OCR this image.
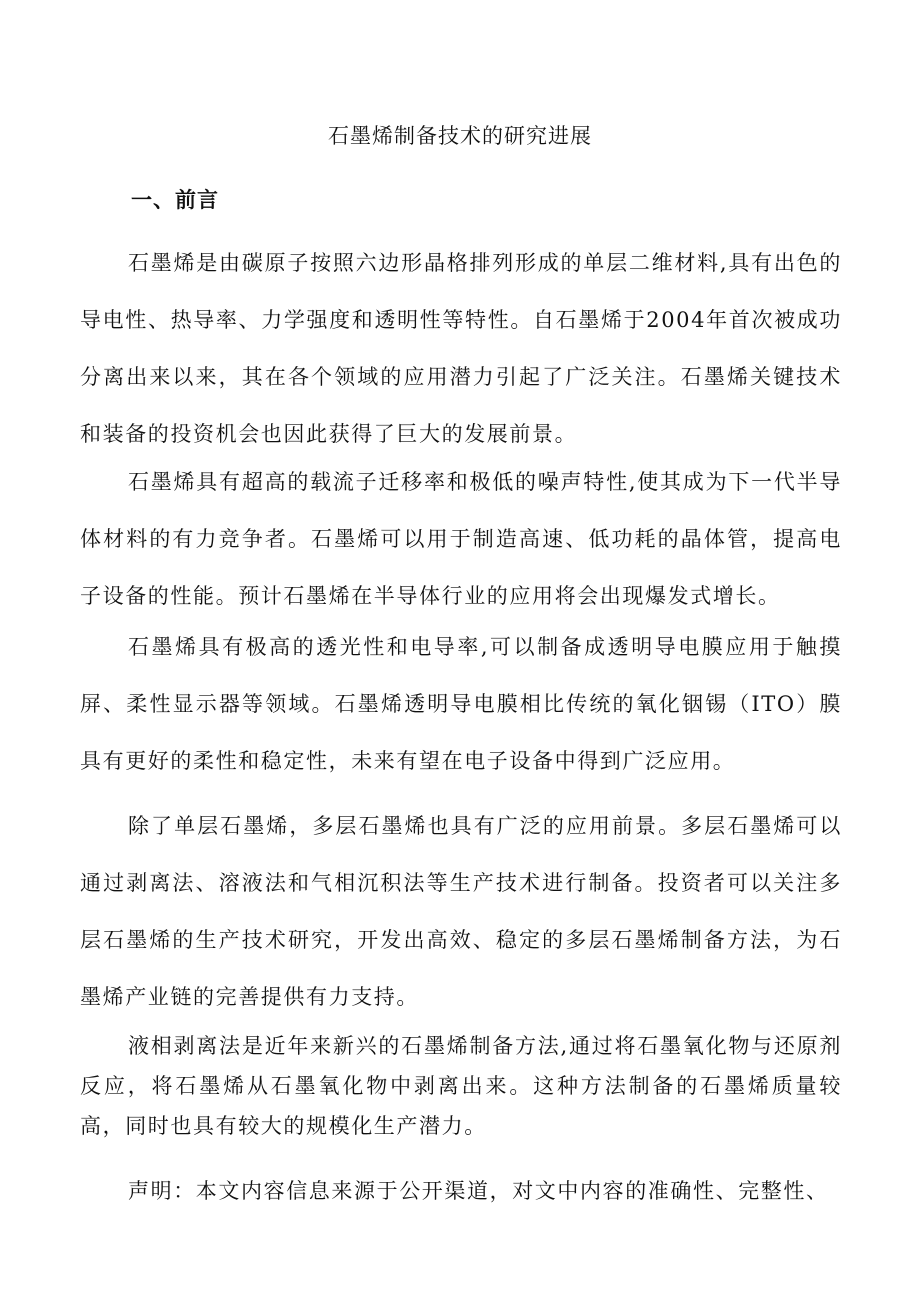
石墨烯制备技术的研究进展
一、前言

石墨烯是由碳原子按照六边形晶格排列形成的单层二维材料,具有出色的导电性、热导率、力学强度和透明性等特性。自石墨烯于2004年首次被成功分离出来以来，其在各个领域的应用潜力引起了广泛关注。石墨烯关键技术和装备的投资机会也因此获得了巨大的发展前景。

石墨烯具有超高的载流子迁移率和极低的噪声特性,使其成为下一代半导体材料的有力竞争者。石墨烯可以用于制造高速、低功耗的晶体管，提高电子设备的性能。预计石墨烯在半导体行业的应用将会出现爆发式增长。

石墨烯具有极高的透光性和电导率,可以制备成透明导电膜应用于触摸屏、柔性显示器等领域。石墨烯透明导电膜相比传统的氧化铟锡（ITO）膜具有更好的柔性和稳定性，未来有望在电子设备中得到广泛应用。

除了单层石墨烯，多层石墨烯也具有广泛的应用前景。多层石墨烯可以通过剥离法、溶液法和气相沉积法等生产技术进行制备。投资者可以关注多层石墨烯的生产技术研究，开发出高效、稳定的多层石墨烯制备方法，为石墨烯产业链的完善提供有力支持。

液相剥离法是近年来新兴的石墨烯制备方法,通过将石墨氧化物与还原剂反应，将石墨烯从石墨氧化物中剥离出来。这种方法制备的石墨烯质量较高，同时也具有较大的规模化生产潜力。

声明：本文内容信息来源于公开渠道，对文中内容的准确性、完整性、
